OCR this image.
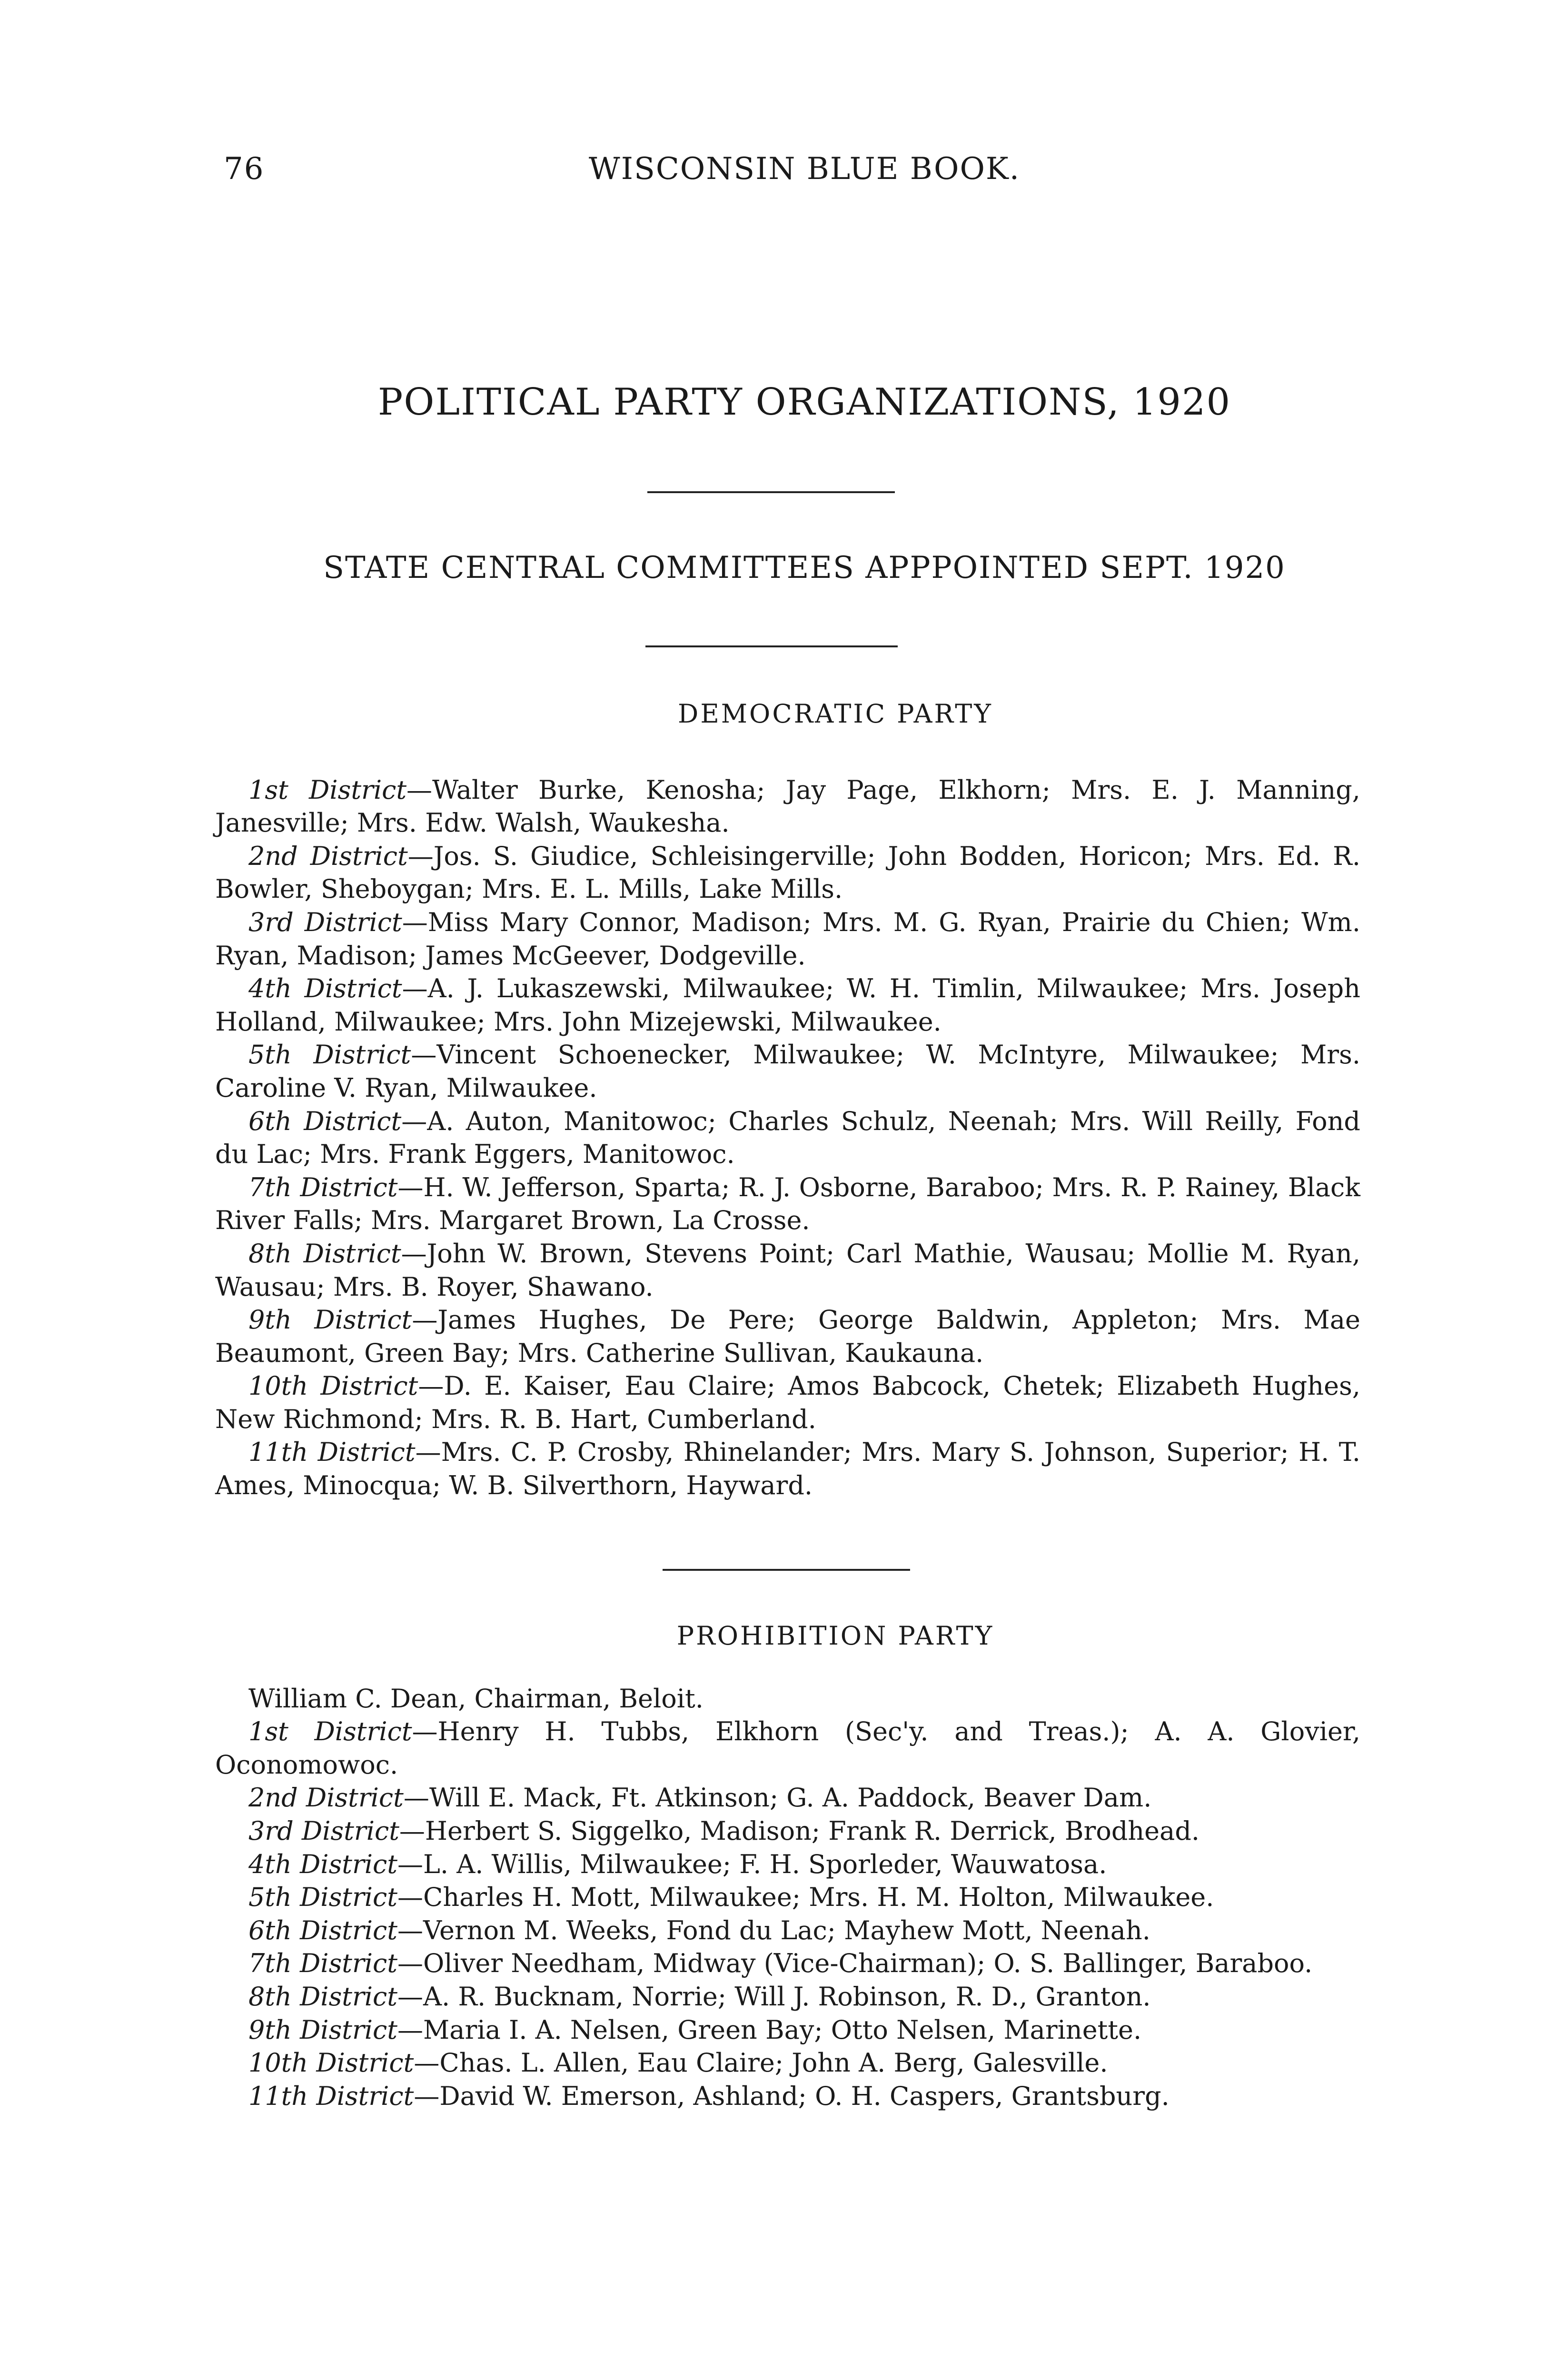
76	WISCONSIN BLUE BOOK.
POLITICAL PARTY ORGANIZATIONS, 1920
STATE CENTRAL COMMITTEES APPPOINTED SEPT. 1920
DEMOCRATIC PARTY

1st District—Walter Burke, Kenosha; Jay Page, Elkhorn; Mrs. E. J. Manning, Janesville; Mrs. Edw. Walsh, Waukesha.

2nd District—Jos. S. Giudice, Schleisingerville; John Bodden, Horicon; Mrs. Ed. R. Bowler, Sheboygan; Mrs. E. L. Mills, Lake Mills.

3rd District—Miss Mary Connor, Madison; Mrs. M. G. Ryan, Prairie du Chien; Wm. Ryan, Madison; James McGeever, Dodgeville.

4th District—A. J. Lukaszewski, Milwaukee; W. H. Timlin, Milwaukee; Mrs. Joseph Holland, Milwaukee; Mrs. John Mizejewski, Milwaukee.

5th District—Vincent Schoenecker, Milwaukee; W. McIntyre, Milwaukee; Mrs. Caroline V. Ryan, Milwaukee.

6th District—A. Auton, Manitowoc; Charles Schulz, Neenah; Mrs. Will Reilly, Fond du Lac; Mrs. Frank Eggers, Manitowoc.

7th District—H. W. Jefferson, Sparta; R. J. Osborne, Baraboo; Mrs. R. P. Rainey, Black River Falls; Mrs. Margaret Brown, La Crosse.

8th District—John W. Brown, Stevens Point; Carl Mathie, Wausau; Mollie M. Ryan, Wausau; Mrs. B. Royer, Shawano.

9th District—James Hughes, De Pere; George Baldwin, Appleton; Mrs. Mae Beaumont, Green Bay; Mrs. Catherine Sullivan, Kaukauna.

10th District—D. E. Kaiser, Eau Claire; Amos Babcock, Chetek; Elizabeth Hughes, New Richmond; Mrs. R. B. Hart, Cumberland.

11th District—Mrs. C. P. Crosby, Rhinelander; Mrs. Mary S. Johnson, Superior; H. T. Ames, Minocqua; W. B. Silverthorn, Hayward.

PROHIBITION PARTY

William C. Dean, Chairman, Beloit.

1st District—Henry H. Tubbs, Elkhorn (Sec'y. and Treas.); A. A. Glovier, Oconomowoc.

2nd District—Will E. Mack, Ft. Atkinson; G. A. Paddock, Beaver Dam.

3rd District—Herbert S. Siggelko, Madison; Frank R. Derrick, Brodhead.

4th District—L. A. Willis, Milwaukee; F. H. Sporleder, Wauwatosa.

5th District—Charles H. Mott, Milwaukee; Mrs. H. M. Holton, Milwaukee.

6th District—Vernon M. Weeks, Fond du Lac; Mayhew Mott, Neenah.

7th District—Oliver Needham, Midway (Vice-Chairman); O. S. Ballinger, Baraboo.

8th District—A. R. Bucknam, Norrie; Will J. Robinson, R. D., Granton.

9th District—Maria I. A. Nelsen, Green Bay; Otto Nelsen, Marinette.

10th District—Chas. L. Allen, Eau Claire; John A. Berg, Galesville.

11th District—David W. Emerson, Ashland; O. H. Caspers, Grantsburg.
